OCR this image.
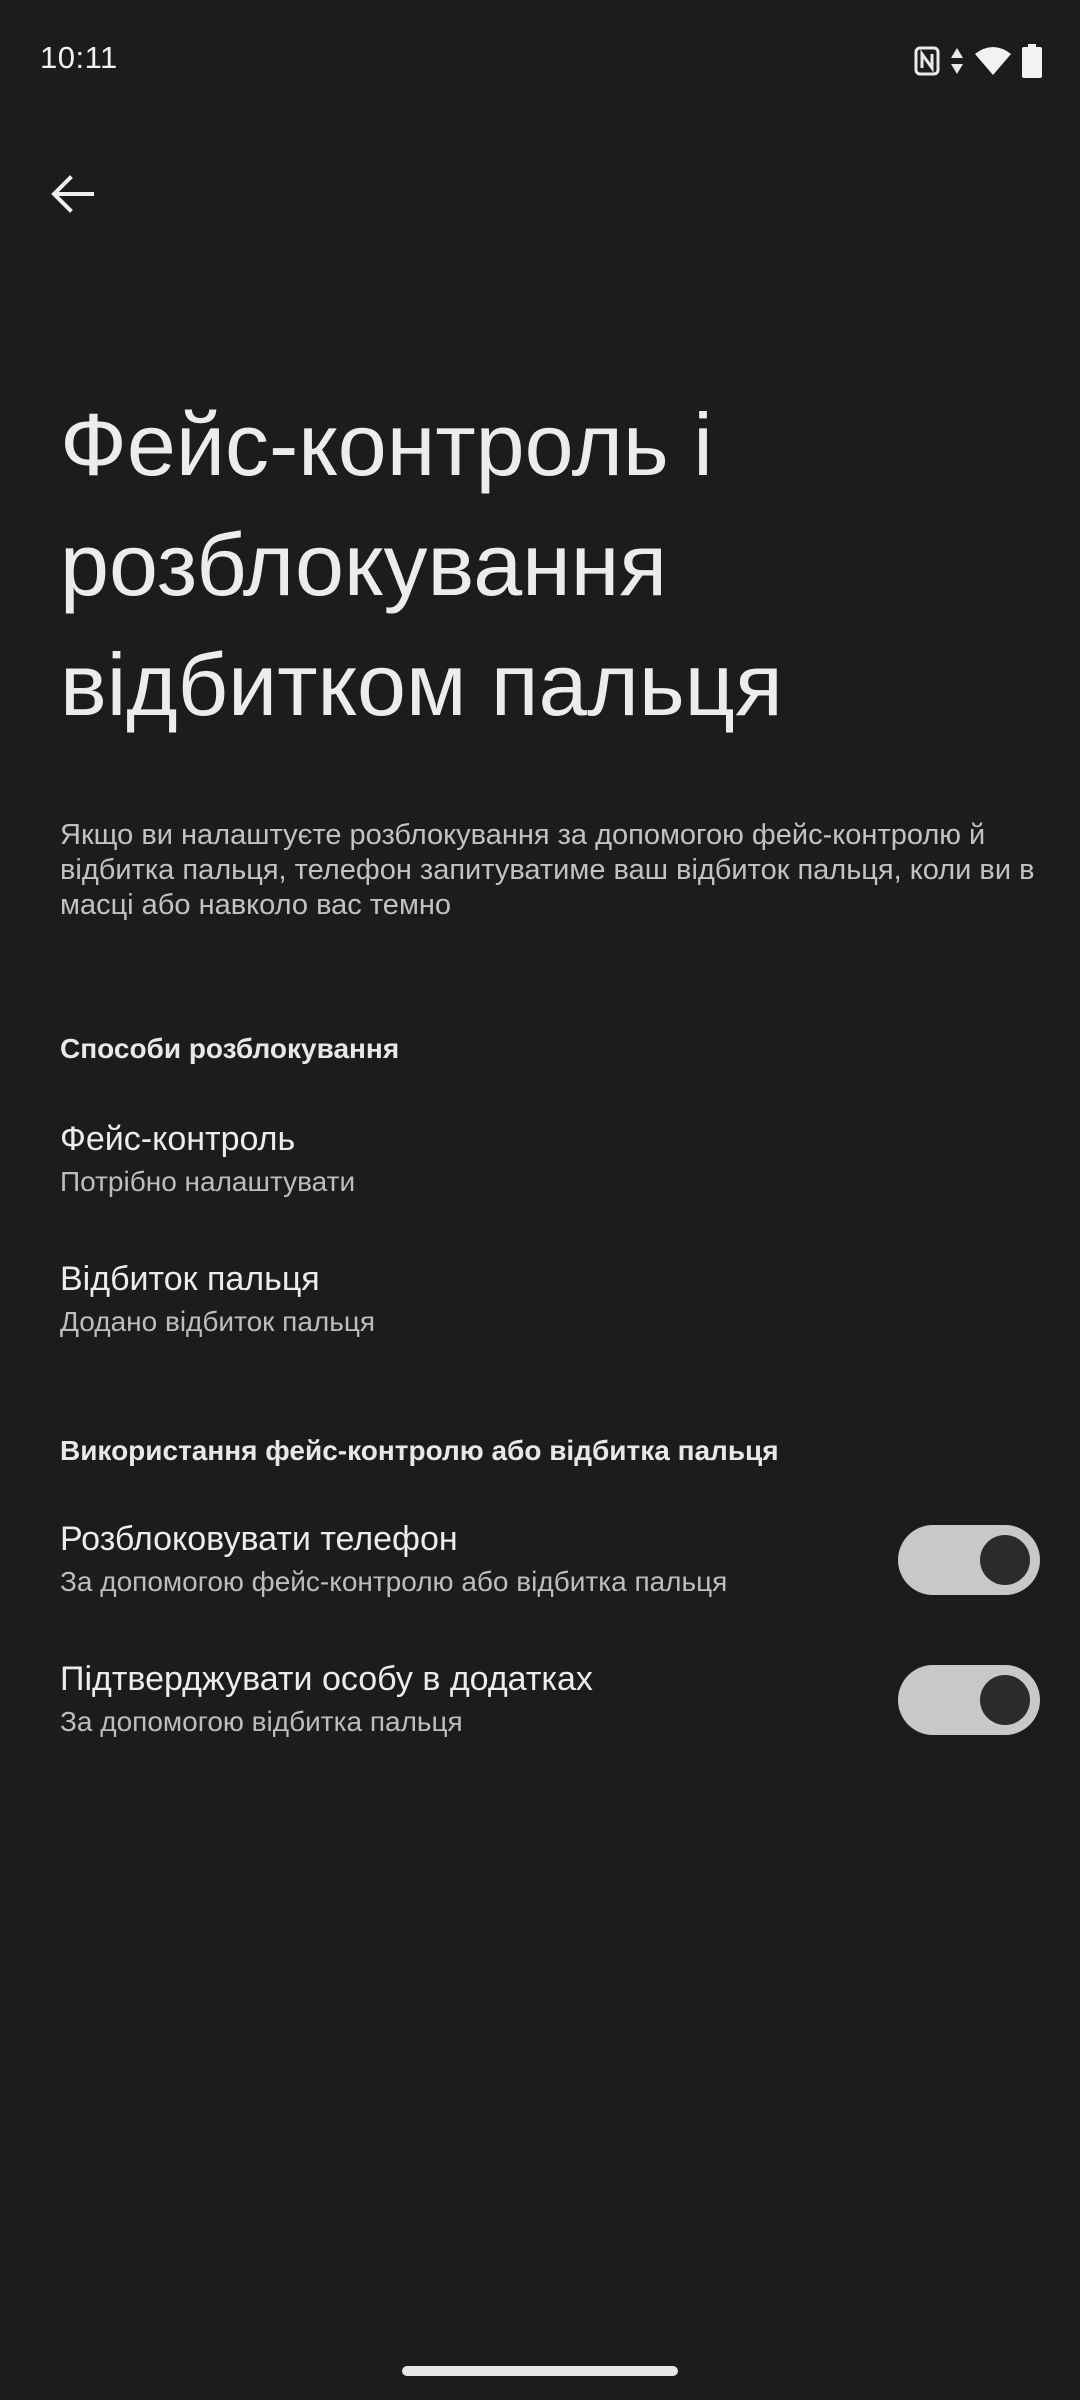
10:11
Фейс-контроль і розблокування відбитком пальця
Якщо ви налаштуєте розблокування за допомогою фейс-контролю й відбитка пальця, телефон запитуватиме ваш відбиток пальця, коли ви в масці або навколо вас темно
Способи розблокування
Фейс-контроль
Потрібно налаштувати
Відбиток пальця
Додано відбиток пальця
Використання фейс-контролю або відбитка пальця
Розблоковувати телефон
За допомогою фейс-контролю або відбитка пальця
Підтверджувати особу в додатках
За допомогою відбитка пальця
